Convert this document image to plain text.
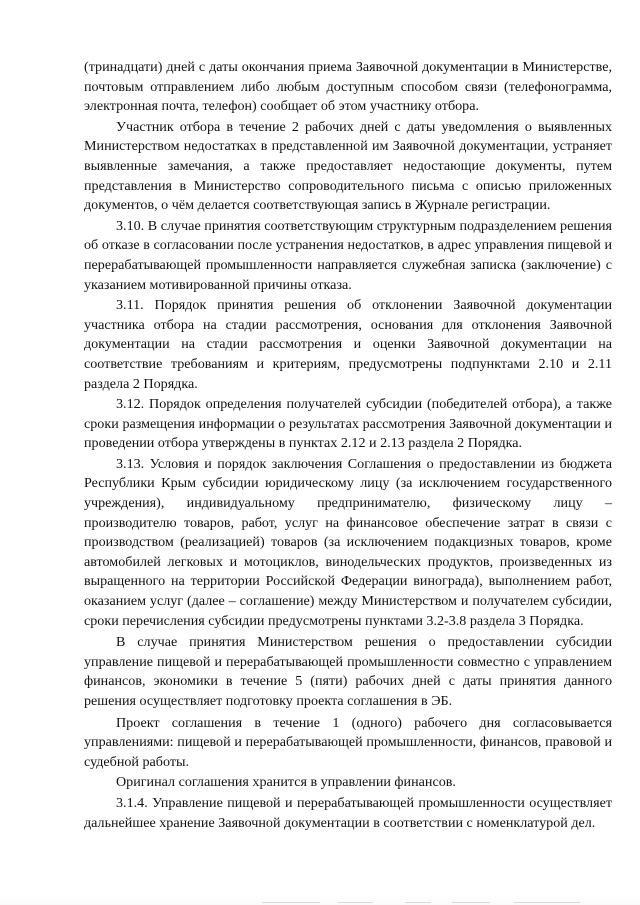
(тринадцати) дней с даты окончания приема Заявочной документации в Министерстве, почтовым отправлением либо любым доступным способом связи (телефонограмма, электронная почта, телефон) сообщает об этом участнику отбора.

Участник отбора в течение 2 рабочих дней с даты уведомления о выявленных Министерством недостатках в представленной им Заявочной документации, устраняет выявленные замечания, а также предоставляет недостающие документы, путем представления в Министерство сопроводительного письма с описью приложенных документов, о чём делается соответствующая запись в Журнале регистрации.

3.10. В случае принятия соответствующим структурным подразделением решения об отказе в согласовании после устранения недостатков, в адрес управления пищевой и перерабатывающей промышленности направляется служебная записка (заключение) с указанием мотивированной причины отказа.

3.11. Порядок принятия решения об отклонении Заявочной документации участника отбора на стадии рассмотрения, основания для отклонения Заявочной документации на стадии рассмотрения и оценки Заявочной документации на соответствие требованиям и критериям, предусмотрены подпунктами 2.10 и 2.11 раздела 2 Порядка.

3.12. Порядок определения получателей субсидии (победителей отбора), а также сроки размещения информации о результатах рассмотрения Заявочной документации и проведении отбора утверждены в пунктах 2.12 и 2.13 раздела 2 Порядка.

3.13. Условия и порядок заключения Соглашения о предоставлении из бюджета Республики Крым субсидии юридическому лицу (за исключением государственного учреждения), индивидуальному предпринимателю, физическому лицу – производителю товаров, работ, услуг на финансовое обеспечение затрат в связи с производством (реализацией) товаров (за исключением подакцизных товаров, кроме автомобилей легковых и мотоциклов, винодельческих продуктов, произведенных из выращенного на территории Российской Федерации винограда), выполнением работ, оказанием услуг (далее – соглашение) между Министерством и получателем субсидии, сроки перечисления субсидии предусмотрены пунктами 3.2-3.8 раздела 3 Порядка.

В случае принятия Министерством решения о предоставлении субсидии управление пищевой и перерабатывающей промышленности совместно с управлением финансов, экономики в течение 5 (пяти) рабочих дней с даты принятия данного решения осуществляет подготовку проекта соглашения в ЭБ.

Проект соглашения в течение 1 (одного) рабочего дня согласовывается управлениями: пищевой и перерабатывающей промышленности, финансов, правовой и судебной работы.

Оригинал соглашения хранится в управлении финансов.

3.1.4. Управление пищевой и перерабатывающей промышленности осуществляет дальнейшее хранение Заявочной документации в соответствии с номенклатурой дел.
